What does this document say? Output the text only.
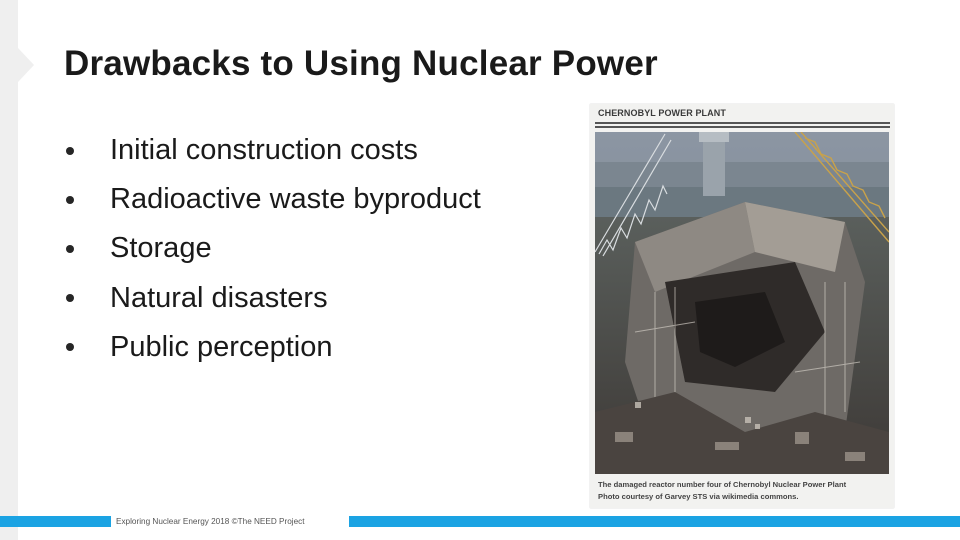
Drawbacks to Using Nuclear Power
Initial construction costs
Radioactive waste byproduct
Storage
Natural disasters
Public perception
CHERNOBYL POWER PLANT
The damaged reactor number four of Chernobyl Nuclear Power Plant
Photo courtesy of Garvey STS via wikimedia commons.
Exploring Nuclear Energy 2018 ©The NEED Project
